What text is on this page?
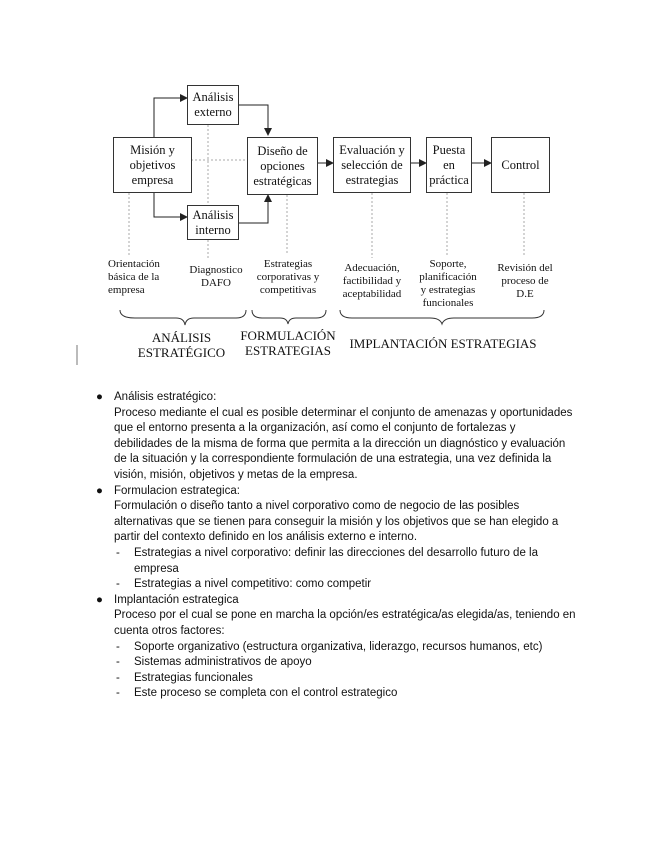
Análisis
externo
Misión y
objetivos
empresa
Análisis
interno
Diseño de
opciones
estratégicas
Evaluación y
selección de
estrategias
Puesta
en
práctica
Control
Orientación
básica de la
empresa
Diagnostico
DAFO
Estrategias
corporativas y
competitivas
Adecuación,
factibilidad y
aceptabilidad
Soporte,
planificación
y estrategias
funcionales
Revisión del
proceso de
D.E
ANÁLISIS
ESTRATÉGICO
FORMULACIÓN
ESTRATEGIAS	IMPLANTACIÓN ESTRATEGIAS
● Análisis estratégico:

Proceso mediante el cual es posible determinar el conjunto de amenazas y oportunidades que el entorno presenta a la organización, así como el conjunto de fortalezas y debilidades de la misma de forma que permita a la dirección un diagnóstico y evaluación de la situación y la correspondiente formulación de una estrategia, una vez definida la visión, misión, objetivos y metas de la empresa.

● Formulacion estrategica:

Formulación o diseño tanto a nivel corporativo como de negocio de las posibles alternativas que se tienen para conseguir la misión y los objetivos que se han elegido a partir del contexto definido en los análisis externo e interno.

- Estrategias a nivel corporativo: definir las direcciones del desarrollo futuro de la empresa

- Estrategias a nivel competitivo: como competir

● Implantación estrategica

Proceso por el cual se pone en marcha la opción/es estratégica/as elegida/as, teniendo en cuenta otros factores:

- Soporte organizativo (estructura organizativa, liderazgo, recursos humanos, etc)

- Sistemas administrativos de apoyo

- Estrategias funcionales

- Este proceso se completa con el control estrategico
